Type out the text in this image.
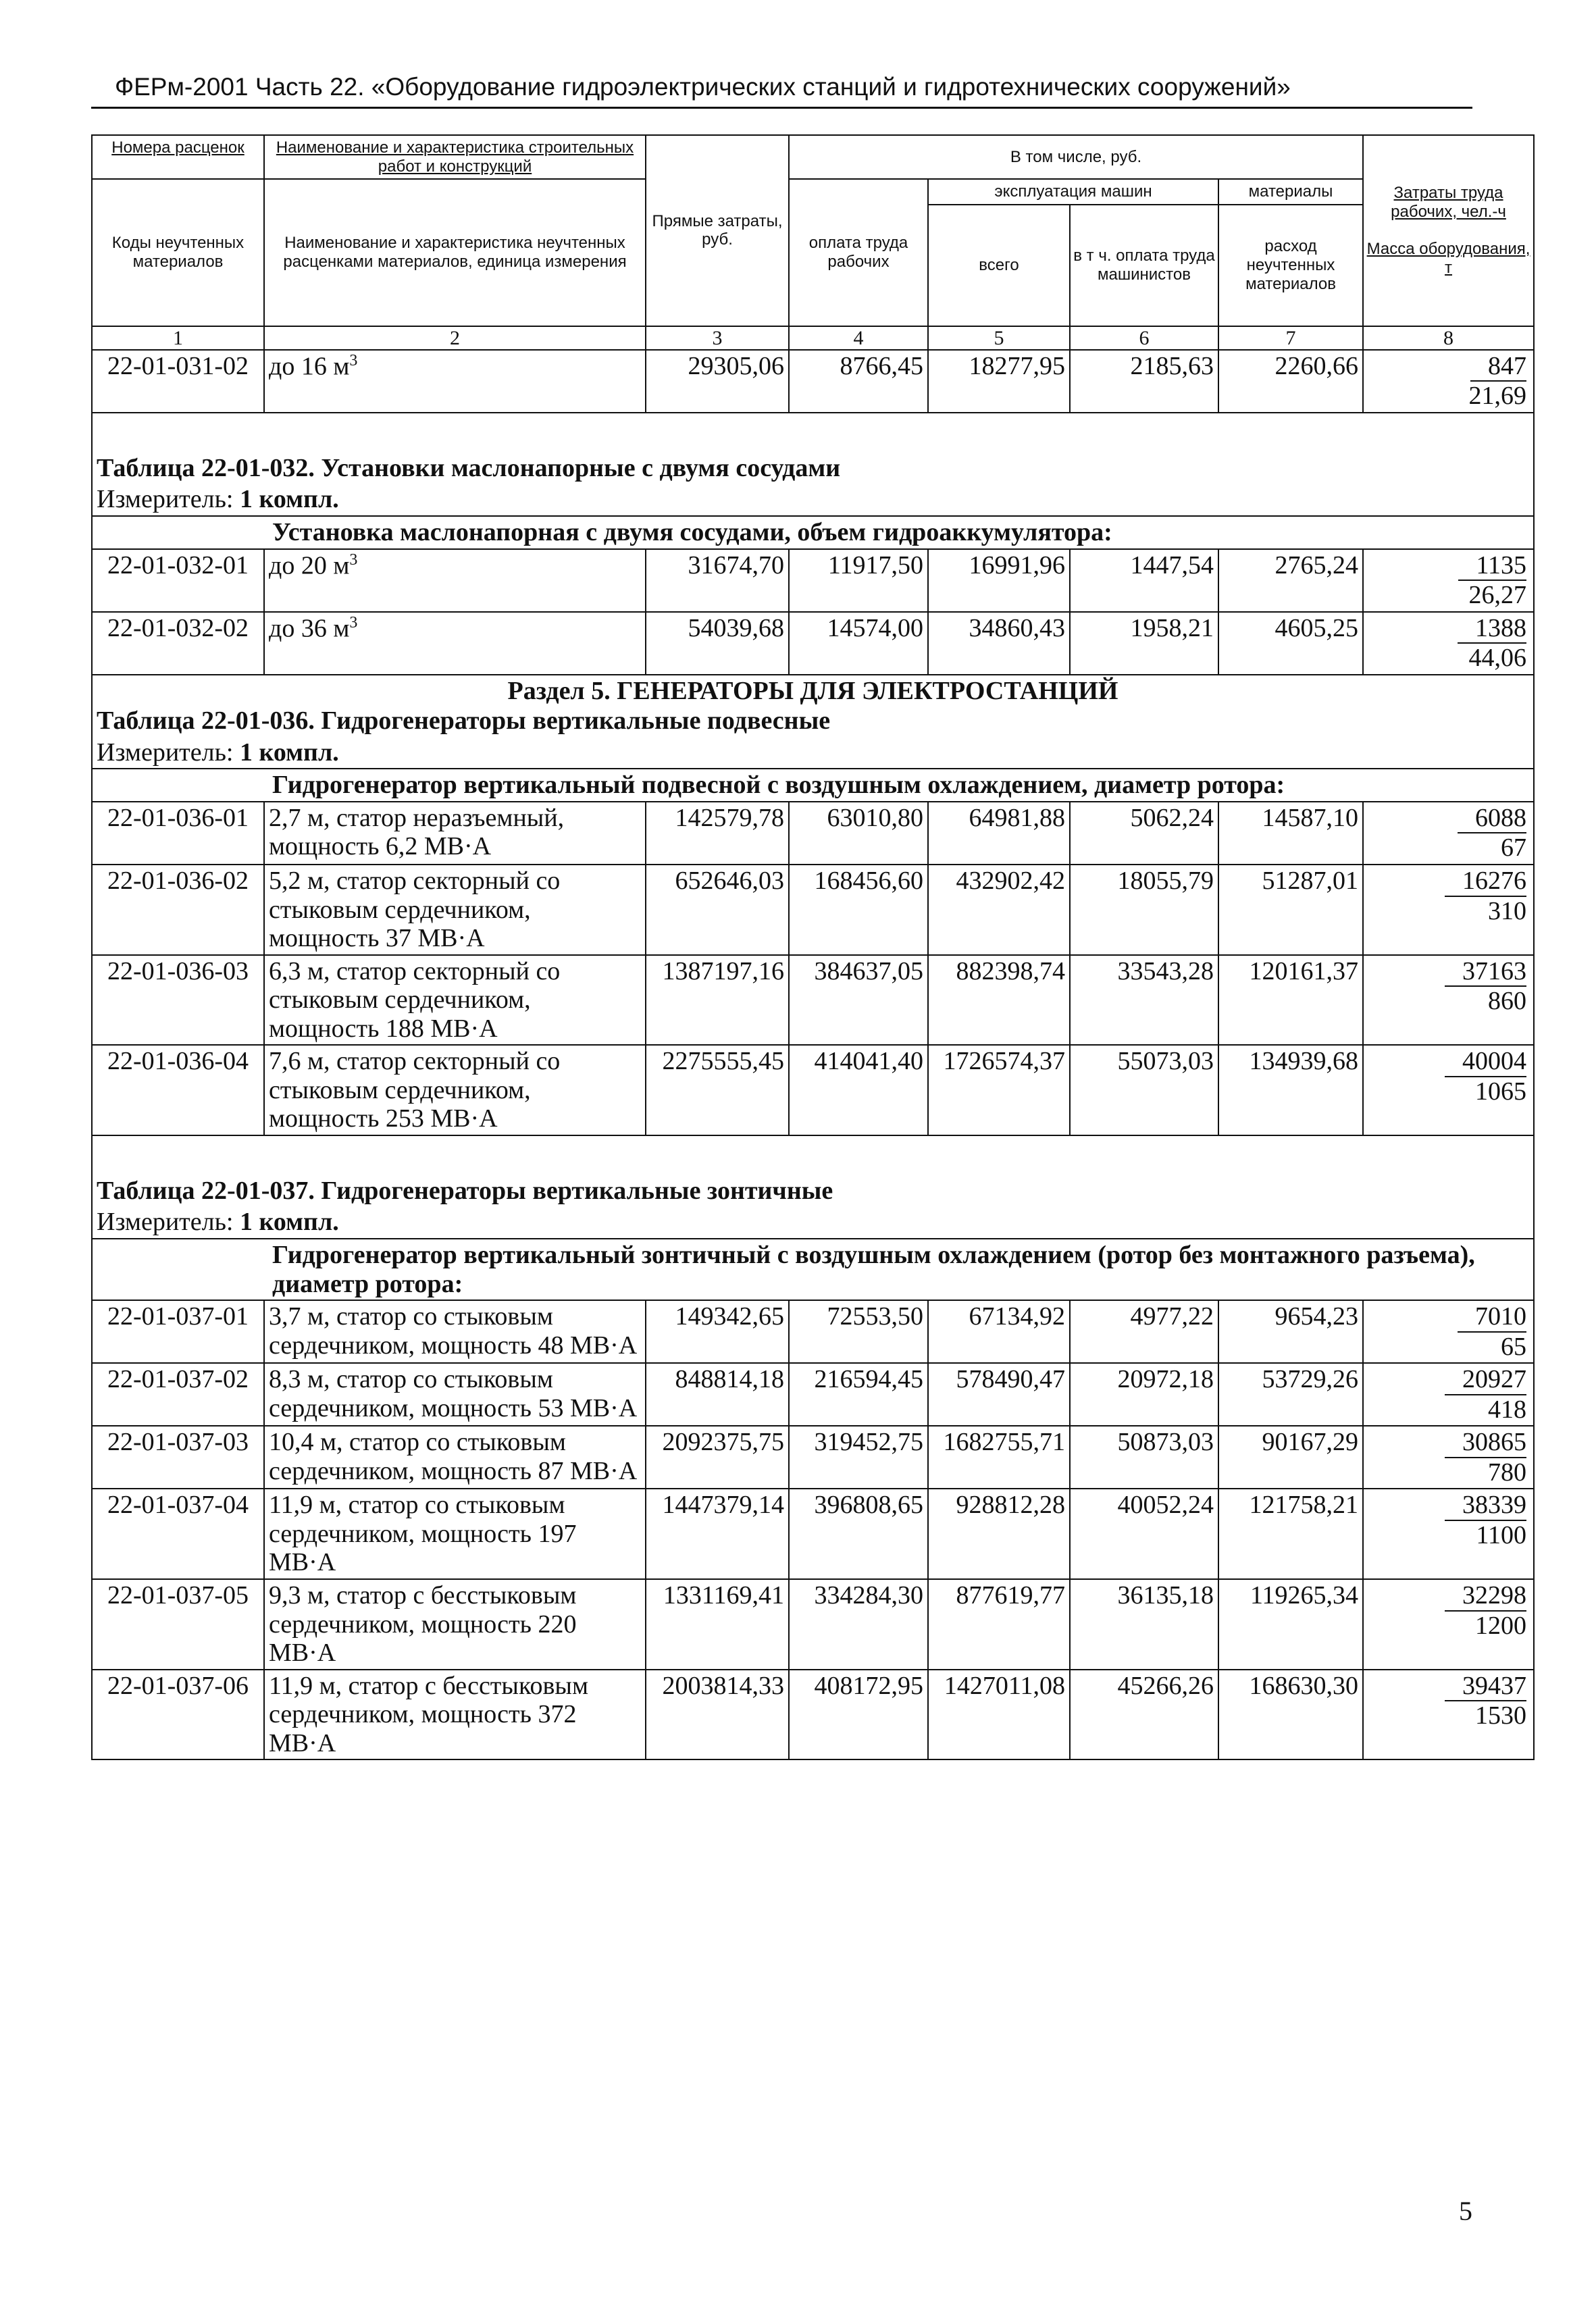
ФЕРм-2001 Часть 22. «Оборудование гидроэлектрических станций и гидротехнических сооружений»
Номера расценок	Наименование и характеристика строительных работ и конструкций	Прямые затраты, руб.	В том числе, руб.				Затраты труда рабочих, чел.-ч

Масса оборудования, т
Коды неучтенных материалов	Наименование и характеристика неучтенных расценками материалов, единица измерения		оплата труда рабочих	эксплуатация машин		материалы	
				всего	в т ч. оплата труда машинистов	расход неучтенных материалов	
1	2	3	4	5	6	7	8
22-01-031-02	до 16 $м^3$	29305,06	8766,45	18277,95	2185,63	2260,66	847
21,69

Таблица 22-01-032. Установки маслонапорные с двумя сосудами							
Измеритель: 1 компл.							
Установка маслонапорная с двумя сосудами, объем гидроаккумулятора:							
22-01-032-01	до 20 $м^3$	31674,70	11917,50	16991,96	1447,54	2765,24	1135
26,27

22-01-032-02	до 36 $м^3$	54039,68	14574,00	34860,43	1958,21	4605,25	1388
44,06

Раздел 5. ГЕНЕРАТОРЫ ДЛЯ ЭЛЕКТРОСТАНЦИЙ							
Таблица 22-01-036. Гидрогенераторы вертикальные подвесные							
Измеритель: 1 компл.							
Гидрогенератор вертикальный подвесной с воздушным охлаждением, диаметр ротора:							
22-01-036-01	2,7 м, статор неразъемный, мощность 6,2 МВ·А	142579,78	63010,80	64981,88	5062,24	14587,10	6088
67

22-01-036-02	5,2 м, статор секторный со стыковым сердечником, мощность 37 МВ·А	652646,03	168456,60	432902,42	18055,79	51287,01	16276
310

22-01-036-03	6,3 м, статор секторный со стыковым сердечником, мощность 188 МВ·А	1387197,16	384637,05	882398,74	33543,28	120161,37	37163
860

22-01-036-04	7,6 м, статор секторный со стыковым сердечником, мощность 253 МВ·А	2275555,45	414041,40	1726574,37	55073,03	134939,68	40004
1065

Таблица 22-01-037. Гидрогенераторы вертикальные зонтичные							
Измеритель: 1 компл.							
Гидрогенератор вертикальный зонтичный с воздушным охлаждением (ротор без монтажного разъема), диаметр ротора:							
22-01-037-01	3,7 м, статор со стыковым сердечником, мощность 48 МВ·А	149342,65	72553,50	67134,92	4977,22	9654,23	7010
65

22-01-037-02	8,3 м, статор со стыковым сердечником, мощность 53 МВ·А	848814,18	216594,45	578490,47	20972,18	53729,26	20927
418

22-01-037-03	10,4 м, статор со стыковым сердечником, мощность 87 МВ·А	2092375,75	319452,75	1682755,71	50873,03	90167,29	30865
780

22-01-037-04	11,9 м, статор со стыковым сердечником, мощность 197 МВ·А	1447379,14	396808,65	928812,28	40052,24	121758,21	38339
1100

22-01-037-05	9,3 м, статор с бесстыковым сердечником, мощность 220 МВ·А	1331169,41	334284,30	877619,77	36135,18	119265,34	32298
1200

22-01-037-06	11,9 м, статор с бесстыковым сердечником, мощность 372 МВ·А	2003814,33	408172,95	1427011,08	45266,26	168630,30	39437
1530
5
